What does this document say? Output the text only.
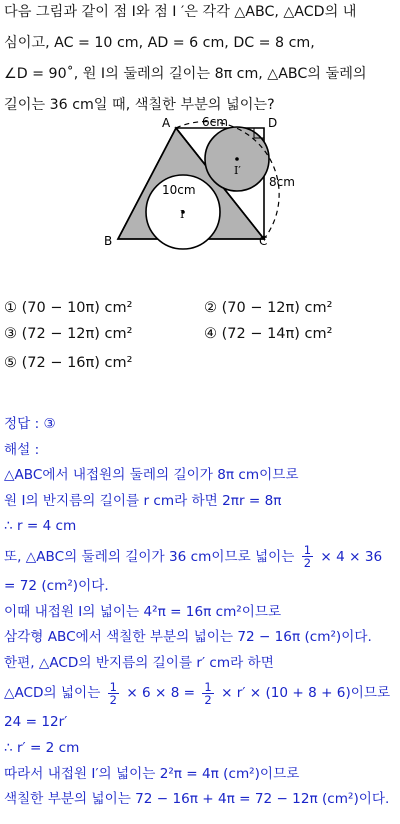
다음 그림과 같이 점 I와 점 I ′은 각각 △ABC, △ACD의 내

심이고, AC = 10 cm, AD = 6 cm, DC = 8 cm,

∠D = 90˚, 원 I의 둘레의 길이는 8π cm, △ABC의 둘레의

길이는 36 cm일 때, 색칠한 부분의 넓이는?

A
B	C
D
6cm
8cm
10cm
I
I′
① (70 − 10π) cm²	② (70 − 12π) cm²
③ (72 − 12π) cm²	④ (72 − 14π) cm²
⑤ (72 − 16π) cm²

정답 : ③

해설 :

△ABC에서 내접원의 둘레의 길이가 8π cm이므로

원 I의 반지름의 길이를 r cm라 하면 2πr = 8π

∴ r = 4 cm

또, △ABC의 둘레의 길이가 36 cm이므로 넓이는 $\frac{1}{2} \times 4 \times 36$

= 72 (cm²)이다.

이때 내접원 I의 넓이는 4²π = 16π cm²이므로

삼각형 ABC에서 색칠한 부분의 넓이는 72 − 16π (cm²)이다.

한편, △ACD의 반지름의 길이를 r′ cm라 하면

△ACD의 넓이는 $\frac{1}{2} \times 6 \times 8 = \frac{1}{2} \times r' \times (10 + 8 + 6)$이므로

24 = 12r′

∴ r′ = 2 cm

따라서 내접원 I′의 넓이는 2²π = 4π (cm²)이므로

색칠한 부분의 넓이는 72 − 16π + 4π = 72 − 12π (cm²)이다.
